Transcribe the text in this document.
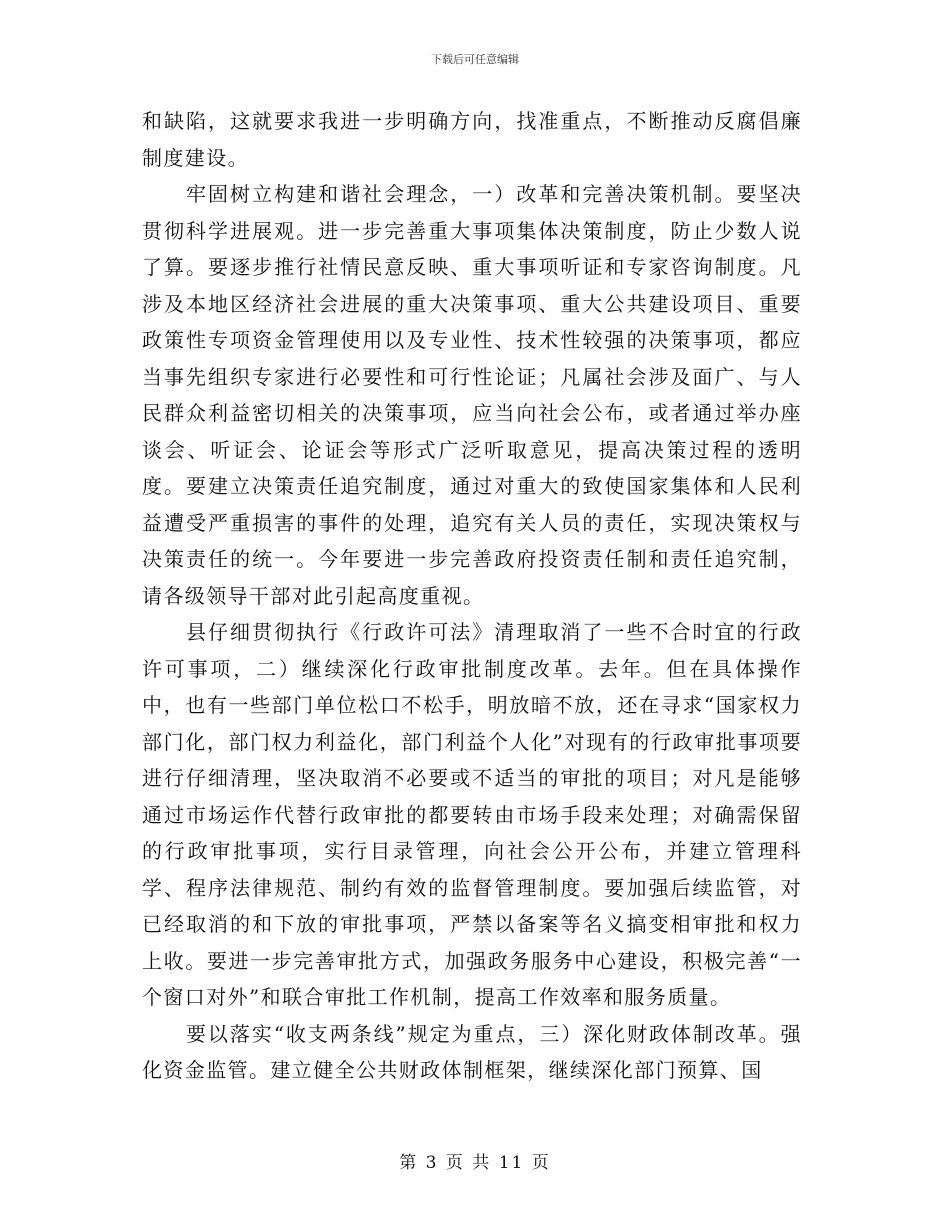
下载后可任意编辑

和缺陷，这就要求我进一步明确方向，找准重点，不断推动反腐倡廉制度建设。

牢固树立构建和谐社会理念，一）改革和完善决策机制。要坚决贯彻科学进展观。进一步完善重大事项集体决策制度，防止少数人说了算。要逐步推行社情民意反映、重大事项听证和专家咨询制度。凡涉及本地区经济社会进展的重大决策事项、重大公共建设项目、重要政策性专项资金管理使用以及专业性、技术性较强的决策事项，都应当事先组织专家进行必要性和可行性论证；凡属社会涉及面广、与人民群众利益密切相关的决策事项，应当向社会公布，或者通过举办座谈会、听证会、论证会等形式广泛听取意见，提高决策过程的透明度。要建立决策责任追究制度，通过对重大的致使国家集体和人民利益遭受严重损害的事件的处理，追究有关人员的责任，实现决策权与决策责任的统一。今年要进一步完善政府投资责任制和责任追究制，请各级领导干部对此引起高度重视。

县仔细贯彻执行《行政许可法》清理取消了一些不合时宜的行政许可事项，二）继续深化行政审批制度改革。去年。但在具体操作中，也有一些部门单位松口不松手，明放暗不放，还在寻求“国家权力部门化，部门权力利益化，部门利益个人化”对现有的行政审批事项要进行仔细清理，坚决取消不必要或不适当的审批的项目；对凡是能够通过市场运作代替行政审批的都要转由市场手段来处理；对确需保留的行政审批事项，实行目录管理，向社会公开公布，并建立管理科学、程序法律规范、制约有效的监督管理制度。要加强后续监管，对已经取消的和下放的审批事项，严禁以备案等名义搞变相审批和权力上收。要进一步完善审批方式，加强政务服务中心建设，积极完善“一个窗口对外”和联合审批工作机制，提高工作效率和服务质量。

要以落实“收支两条线”规定为重点，三）深化财政体制改革。强化资金监管。建立健全公共财政体制框架，继续深化部门预算、国

第 3 页 共 11 页
